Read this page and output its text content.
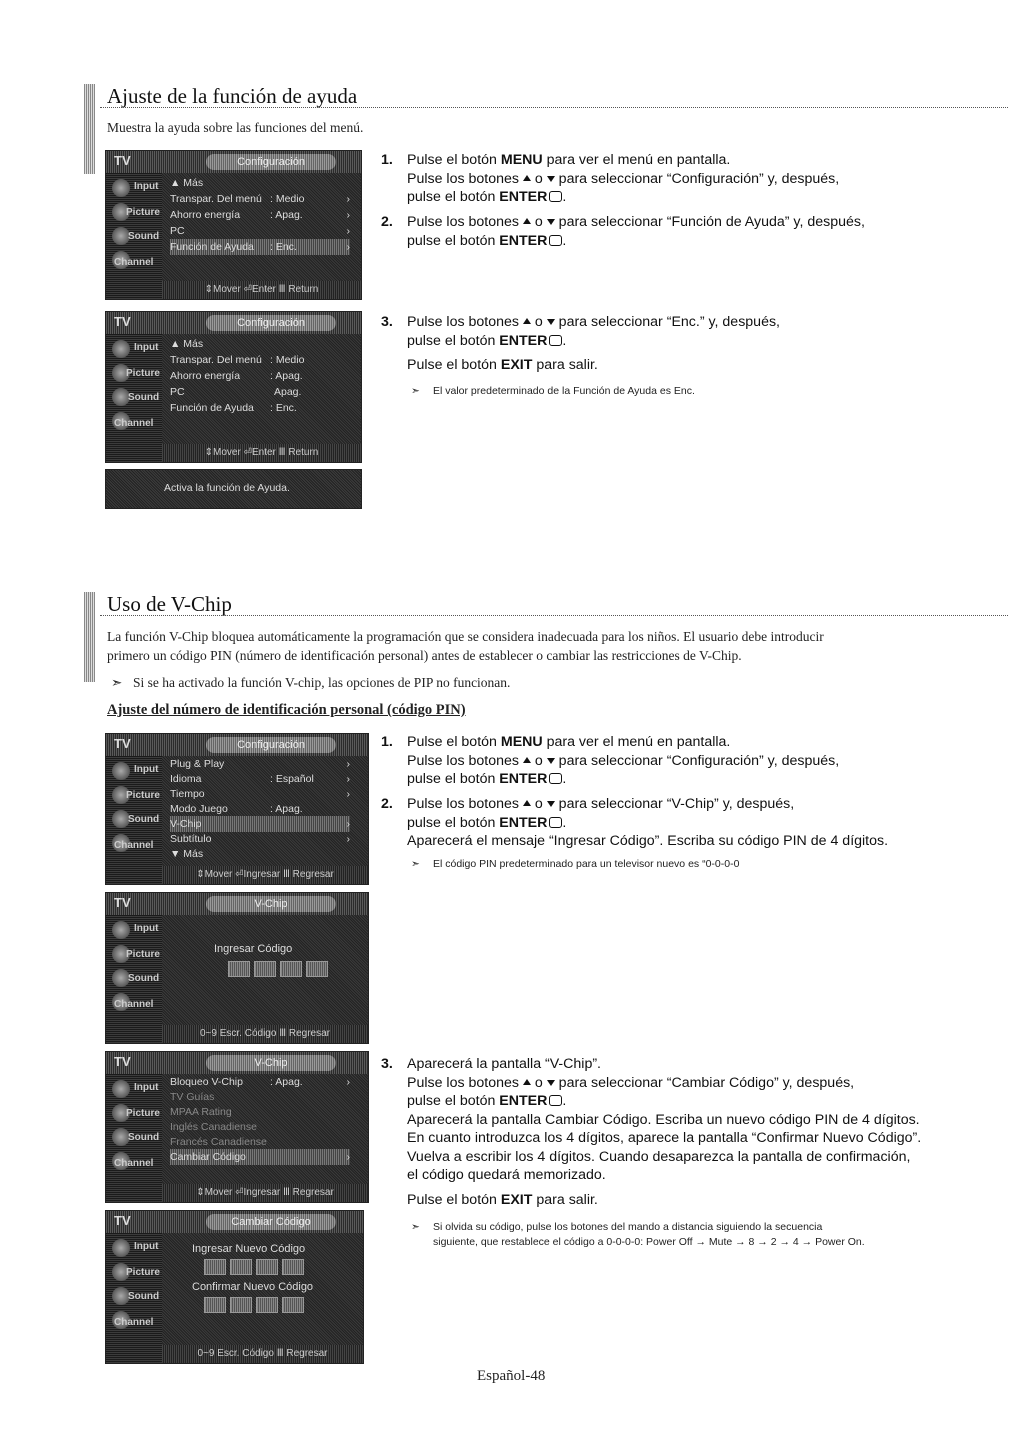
Ajuste de la función de ayuda
Muestra la ayuda sobre las funciones del menú.
Input
Picture
Sound
Channel
TV	Configuración
▲ Más
Transpar. Del menú : Medio	›
Ahorro energía	: Apag.	›
PC	›
Función de Ayuda : Enc.	›
⇕Mover ⏎Enter Ⅲ Return
1. Pulse el botón MENU para ver el menú en pantalla.

Pulse los botones  o  para seleccionar “Configuración” y, después,

pulse el botón ENTER .

2. Pulse los botones  o  para seleccionar “Función de Ayuda” y, después,

pulse el botón ENTER .

Input
Picture
Sound
Channel
TV	Configuración
▲ Más
Transpar. Del menú : Medio
Ahorro energía	: Apag.
PC	Apag.
Función de Ayuda : Enc.
⇕Mover ⏎Enter Ⅲ Return
3. Pulse los botones  o  para seleccionar “Enc.” y, después,

pulse el botón ENTER .

Pulse el botón EXIT para salir.

➣ El valor predeterminado de la Función de Ayuda es Enc.
Activa la función de Ayuda.
Uso de V-Chip
La función V-Chip bloquea automáticamente la programación que se considera inadecuada para los niños. El usuario debe introducir
primero un código PIN (número de identificación personal) antes de establecer o cambiar las restricciones de V-Chip.
➣ Si se ha activado la función V-chip, las opciones de PIP no funcionan.
Ajuste del número de identificación personal (código PIN)
Input
Picture
Sound
Channel
TV	Configuración
Plug & Play	›
Idioma	: Español	›
Tiempo	›
Modo Juego	: Apag.
V-Chip	›
Subtítulo	›
▼ Más
⇕Mover ⏎Ingresar Ⅲ Regresar
1. Pulse el botón MENU para ver el menú en pantalla.

Pulse los botones  o  para seleccionar “Configuración” y, después,

pulse el botón ENTER .

2. Pulse los botones  o  para seleccionar “V-Chip” y, después,

pulse el botón ENTER .

Aparecerá el mensaje “Ingresar Código”. Escriba su código PIN de 4 dígitos.

➣ El código PIN predeterminado para un televisor nuevo es “0-0-0-0
Input
Picture
Sound
Channel
TV	V-Chip
Ingresar Código
0~9 Escr. Código Ⅲ Regresar
Input
Picture
Sound
Channel
TV	V-Chip
Bloqueo V-Chip	: Apag.	›
TV Guías
MPAA Rating
Inglés Canadiense
Francés Canadiense
Cambiar Código	›
⇕Mover ⏎Ingresar Ⅲ Regresar
3. Aparecerá la pantalla “V-Chip”.

Pulse los botones  o  para seleccionar “Cambiar Código” y, después,

pulse el botón ENTER .

Aparecerá la pantalla Cambiar Código. Escriba un nuevo código PIN de 4 dígitos.

En cuanto introduzca los 4 dígitos, aparece la pantalla “Confirmar Nuevo Código”.

Vuelva a escribir los 4 dígitos. Cuando desaparezca la pantalla de confirmación,

el código quedará memorizado.

Pulse el botón EXIT para salir.

➣ Si olvida su código, pulse los botones del mando a distancia siguiendo la secuencia
siguiente, que restablece el código a 0-0-0-0: Power Off → Mute → 8 → 2 → 4 → Power On.
Input
Picture
Sound
Channel
TV	Cambiar Código
Ingresar Nuevo Código
Confirmar Nuevo Código
0~9 Escr. Código Ⅲ Regresar
Español-48
